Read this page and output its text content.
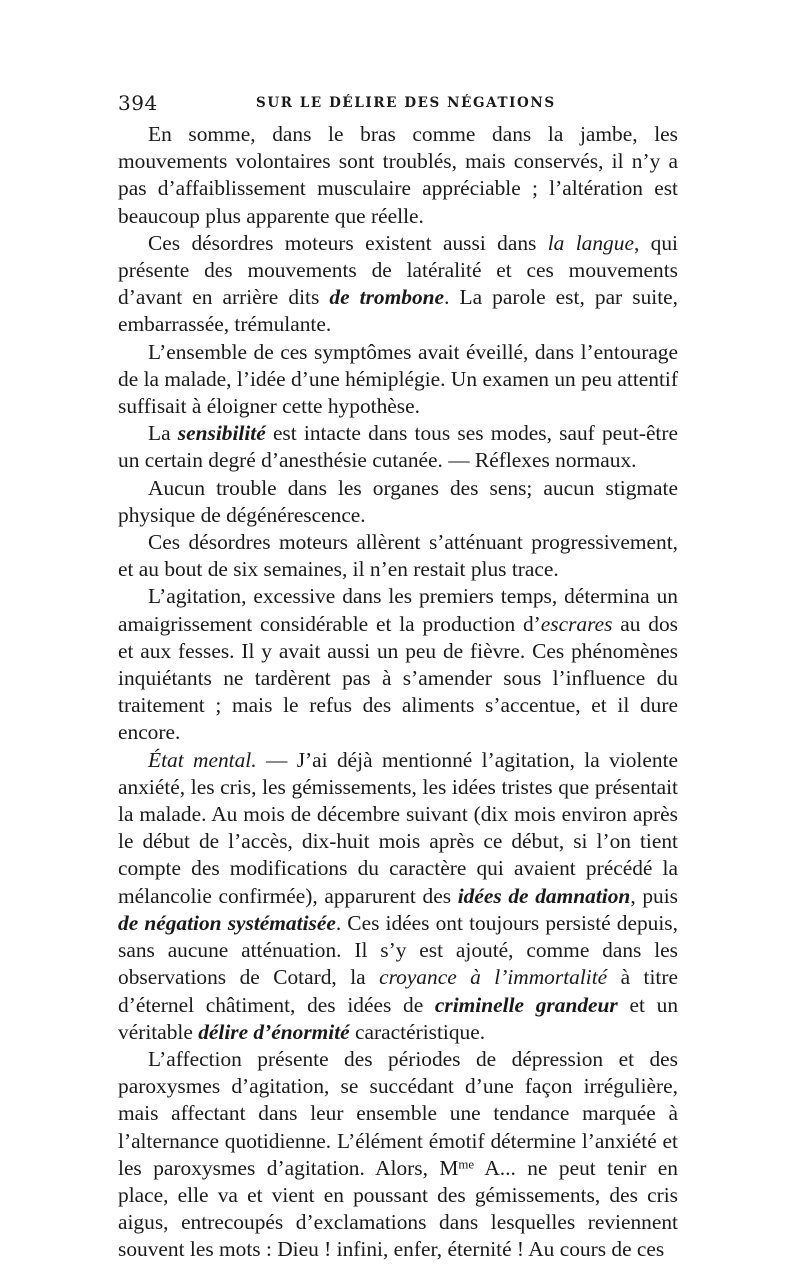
394	SUR LE DÉLIRE DES NÉGATIONS

En somme, dans le bras comme dans la jambe, les mouvements volontaires sont troublés, mais conservés, il n’y a pas d’affaiblissement musculaire appréciable ; l’altération est beaucoup plus apparente que réelle.

Ces désordres moteurs existent aussi dans la langue, qui présente des mouvements de latéralité et ces mouvements d’avant en arrière dits de trombone. La parole est, par suite, embarrassée, trémulante.

L’ensemble de ces symptômes avait éveillé, dans l’entourage de la malade, l’idée d’une hémiplégie. Un examen un peu attentif suffisait à éloigner cette hypothèse.

La sensibilité est intacte dans tous ses modes, sauf peut-être un certain degré d’anesthésie cutanée. — Réflexes normaux.

Aucun trouble dans les organes des sens; aucun stigmate physique de dégénérescence.

Ces désordres moteurs allèrent s’atténuant progressivement, et au bout de six semaines, il n’en restait plus trace.

L’agitation, excessive dans les premiers temps, détermina un amaigrissement considérable et la production d’escrares au dos et aux fesses. Il y avait aussi un peu de fièvre. Ces phénomènes inquiétants ne tardèrent pas à s’amender sous l’influence du traitement ; mais le refus des aliments s’accentue, et il dure encore.

État mental. — J’ai déjà mentionné l’agitation, la violente anxiété, les cris, les gémissements, les idées tristes que présentait la malade. Au mois de décembre suivant (dix mois environ après le début de l’accès, dix-huit mois après ce début, si l’on tient compte des modifications du caractère qui avaient précédé la mélancolie confirmée), apparurent des idées de damnation, puis de négation systématisée. Ces idées ont toujours persisté depuis, sans aucune atténuation. Il s’y est ajouté, comme dans les observations de Cotard, la croyance à l’immortalité à titre d’éternel châtiment, des idées de criminelle grandeur et un véritable délire d’énormité caractéristique.

L’affection présente des périodes de dépression et des paroxysmes d’agitation, se succédant d’une façon irrégulière, mais affectant dans leur ensemble une tendance marquée à l’alternance quotidienne. L’élément émotif détermine l’anxiété et les paroxysmes d’agitation. Alors, $M^{me}$ A... ne peut tenir en place, elle va et vient en poussant des gémissements, des cris aigus, entrecoupés d’exclamations dans lesquelles reviennent souvent les mots : Dieu ! infini, enfer, éternité ! Au cours de ces
